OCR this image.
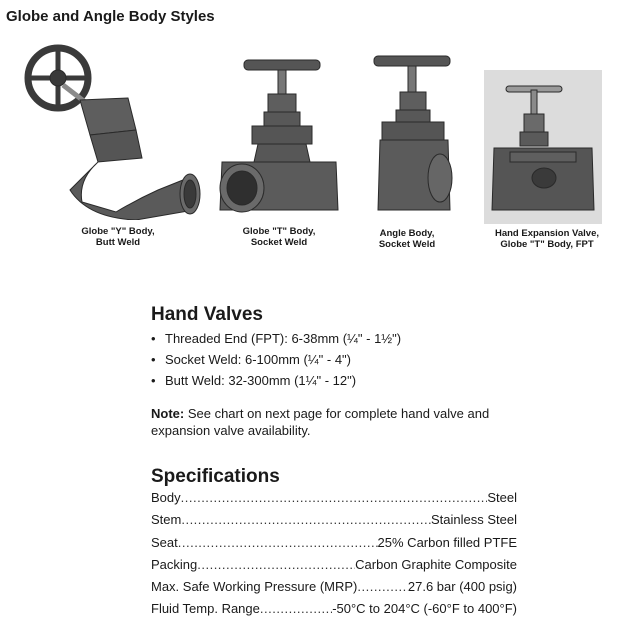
Globe and Angle Body Styles
Globe "Y" Body,
Butt Weld
Globe "T" Body,
Socket Weld
Angle Body,
Socket Weld
Hand Expansion Valve,
Globe "T" Body, FPT
Hand Valves
• Threaded End (FPT): 6-38mm (¼" - 1½")
• Socket Weld: 6-100mm (¼" - 4")
• Butt Weld: 32-300mm (1¼" - 12")
Note: See chart on next page for complete hand valve and expansion valve availability.
Specifications
Body .....	Steel
Stem .....	Stainless Steel
Seat .....	25% Carbon filled PTFE
Packing .....	Carbon Graphite Composite
Max. Safe Working Pressure (MRP) .....	27.6 bar (400 psig)
Fluid Temp. Range .....	-50°C to 204°C (-60°F to 400°F)
